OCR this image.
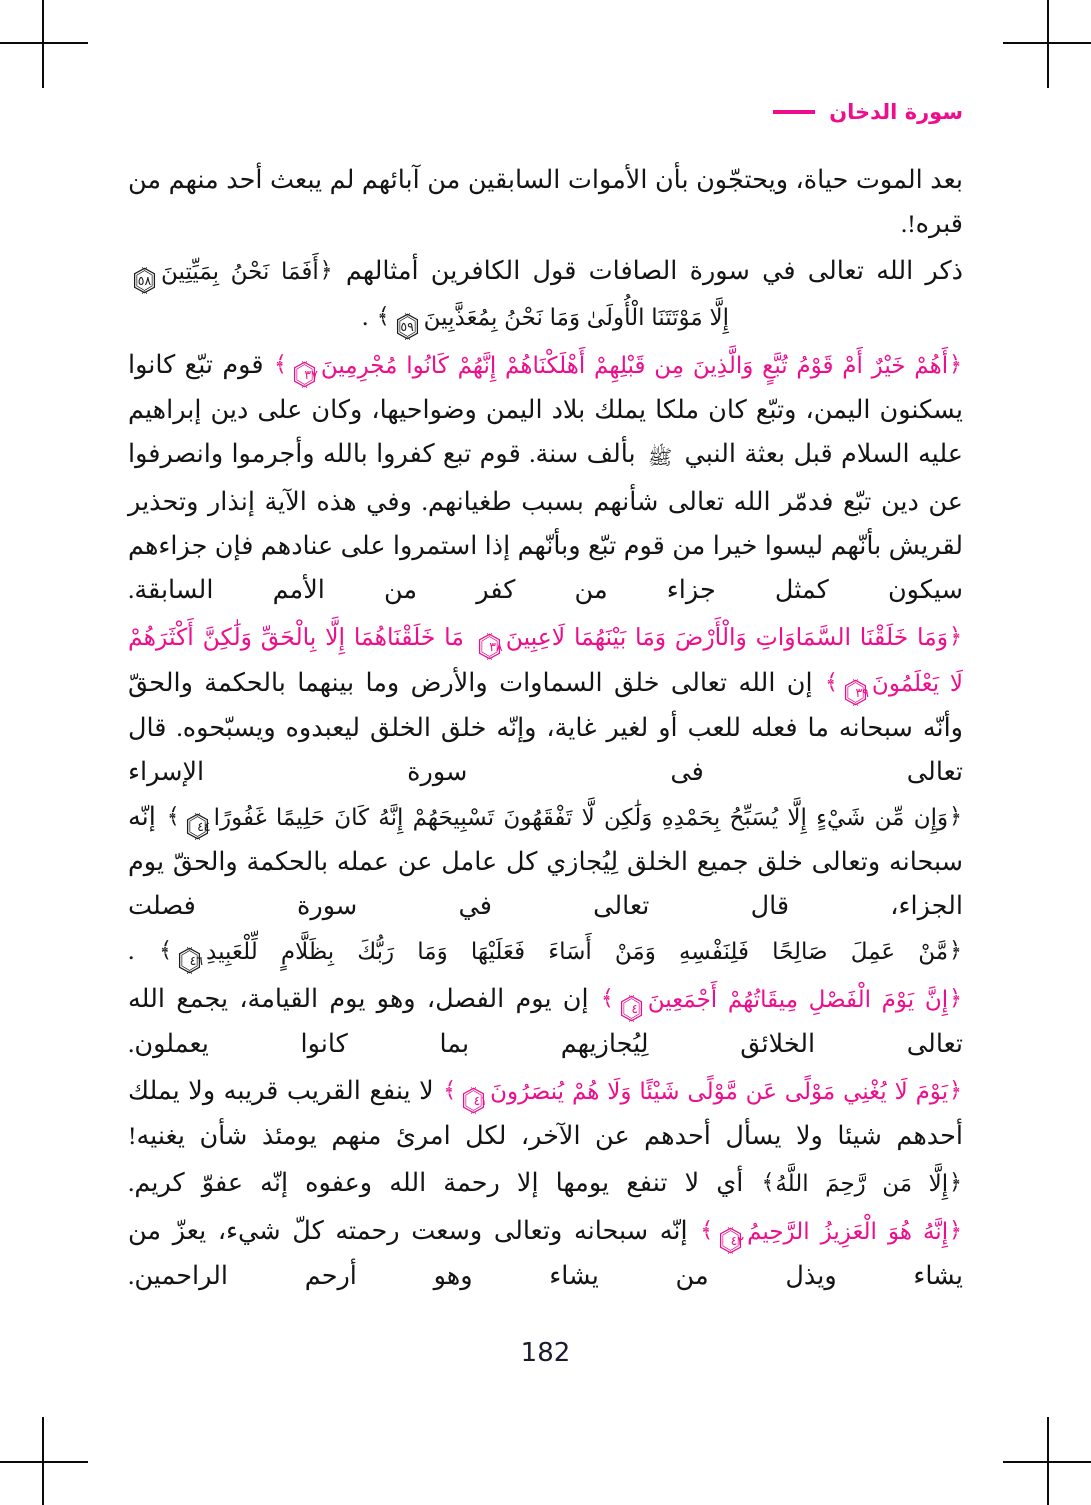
سورة الدخان

بعد الموت حياة، ويحتجّون بأن الأموات السابقين من آبائهم لم يبعث أحد منهم من قبره!.

ذكر الله تعالى في سورة الصافات قول الكافرين أمثالهم ﴿أَفَمَا نَحْنُ بِمَيِّتِينَ
٥٨
إِلَّا مَوْتَتَنَا الْأُولَىٰ وَمَا نَحْنُ بِمُعَذَّبِينَ
٥٩
﴾ .

﴿أَهُمْ خَيْرٌ أَمْ قَوْمُ تُبَّعٍ وَالَّذِينَ مِن قَبْلِهِمْ أَهْلَكْنَاهُمْ إِنَّهُمْ كَانُوا مُجْرِمِينَ
٣٧
﴾ قوم تبّع كانوا يسكنون اليمن، وتبّع كان ملكا يملك بلاد اليمن وضواحيها، وكان على دين إبراهيم عليه السلام قبل بعثة النبي ﷺ بألف سنة. قوم تبع كفروا بالله وأجرموا وانصرفوا عن دين تبّع فدمّر الله تعالى شأنهم بسبب طغيانهم. وفي هذه الآية إنذار وتحذير لقريش بأنّهم ليسوا خيرا من قوم تبّع وبأنّهم إذا استمروا على عنادهم فإن جزاءهم سيكون كمثل جزاء من كفر من الأمم السابقة.

﴿وَمَا خَلَقْنَا السَّمَاوَاتِ وَالْأَرْضَ وَمَا بَيْنَهُمَا لَاعِبِينَ
٣٨
مَا خَلَقْنَاهُمَا إِلَّا بِالْحَقِّ وَلَٰكِنَّ أَكْثَرَهُمْ

لَا يَعْلَمُونَ
٣٩
﴾ إن الله تعالى خلق السماوات والأرض وما بينهما بالحكمة والحقّ وأنّه سبحانه ما فعله للعب أو لغير غاية، وإنّه خلق الخلق ليعبدوه ويسبّحوه. قال تعالى فى سورة الإسراء ﴿وَإِن مِّن شَيْءٍ إِلَّا يُسَبِّحُ بِحَمْدِهِ وَلَٰكِن لَّا تَفْقَهُونَ تَسْبِيحَهُمْ إِنَّهُ كَانَ حَلِيمًا غَفُورًا
٤٤
﴾ إنّه سبحانه وتعالى خلق جميع الخلق لِيُجازي كل عامل عن عمله بالحكمة والحقّ يوم الجزاء، قال تعالى في سورة فصلت ﴿مَّنْ عَمِلَ صَالِحًا فَلِنَفْسِهِ وَمَنْ أَسَاءَ فَعَلَيْهَا وَمَا رَبُّكَ بِظَلَّامٍ لِّلْعَبِيدِ
٤٦
﴾ .

﴿إِنَّ يَوْمَ الْفَصْلِ مِيقَاتُهُمْ أَجْمَعِينَ
٤٠
﴾ إن يوم الفصل، وهو يوم القيامة، يجمع الله تعالى الخلائق لِيُجازيهم بما كانوا يعملون.

﴿يَوْمَ لَا يُغْنِي مَوْلًى عَن مَّوْلًى شَيْئًا وَلَا هُمْ يُنصَرُونَ
٤١
﴾ لا ينفع القريب قريبه ولا يملك أحدهم شيئا ولا يسأل أحدهم عن الآخر، لكل امرئ منهم يومئذ شأن يغنيه!

﴿إِلَّا مَن رَّحِمَ اللَّهُ﴾ أي لا تنفع يومها إلا رحمة الله وعفوه إنّه عفوّ كريم.

﴿إِنَّهُ هُوَ الْعَزِيزُ الرَّحِيمُ
٤٢
﴾ إنّه سبحانه وتعالى وسعت رحمته كلّ شيء، يعزّ من يشاء ويذل من يشاء وهو أرحم الراحمين.

182
